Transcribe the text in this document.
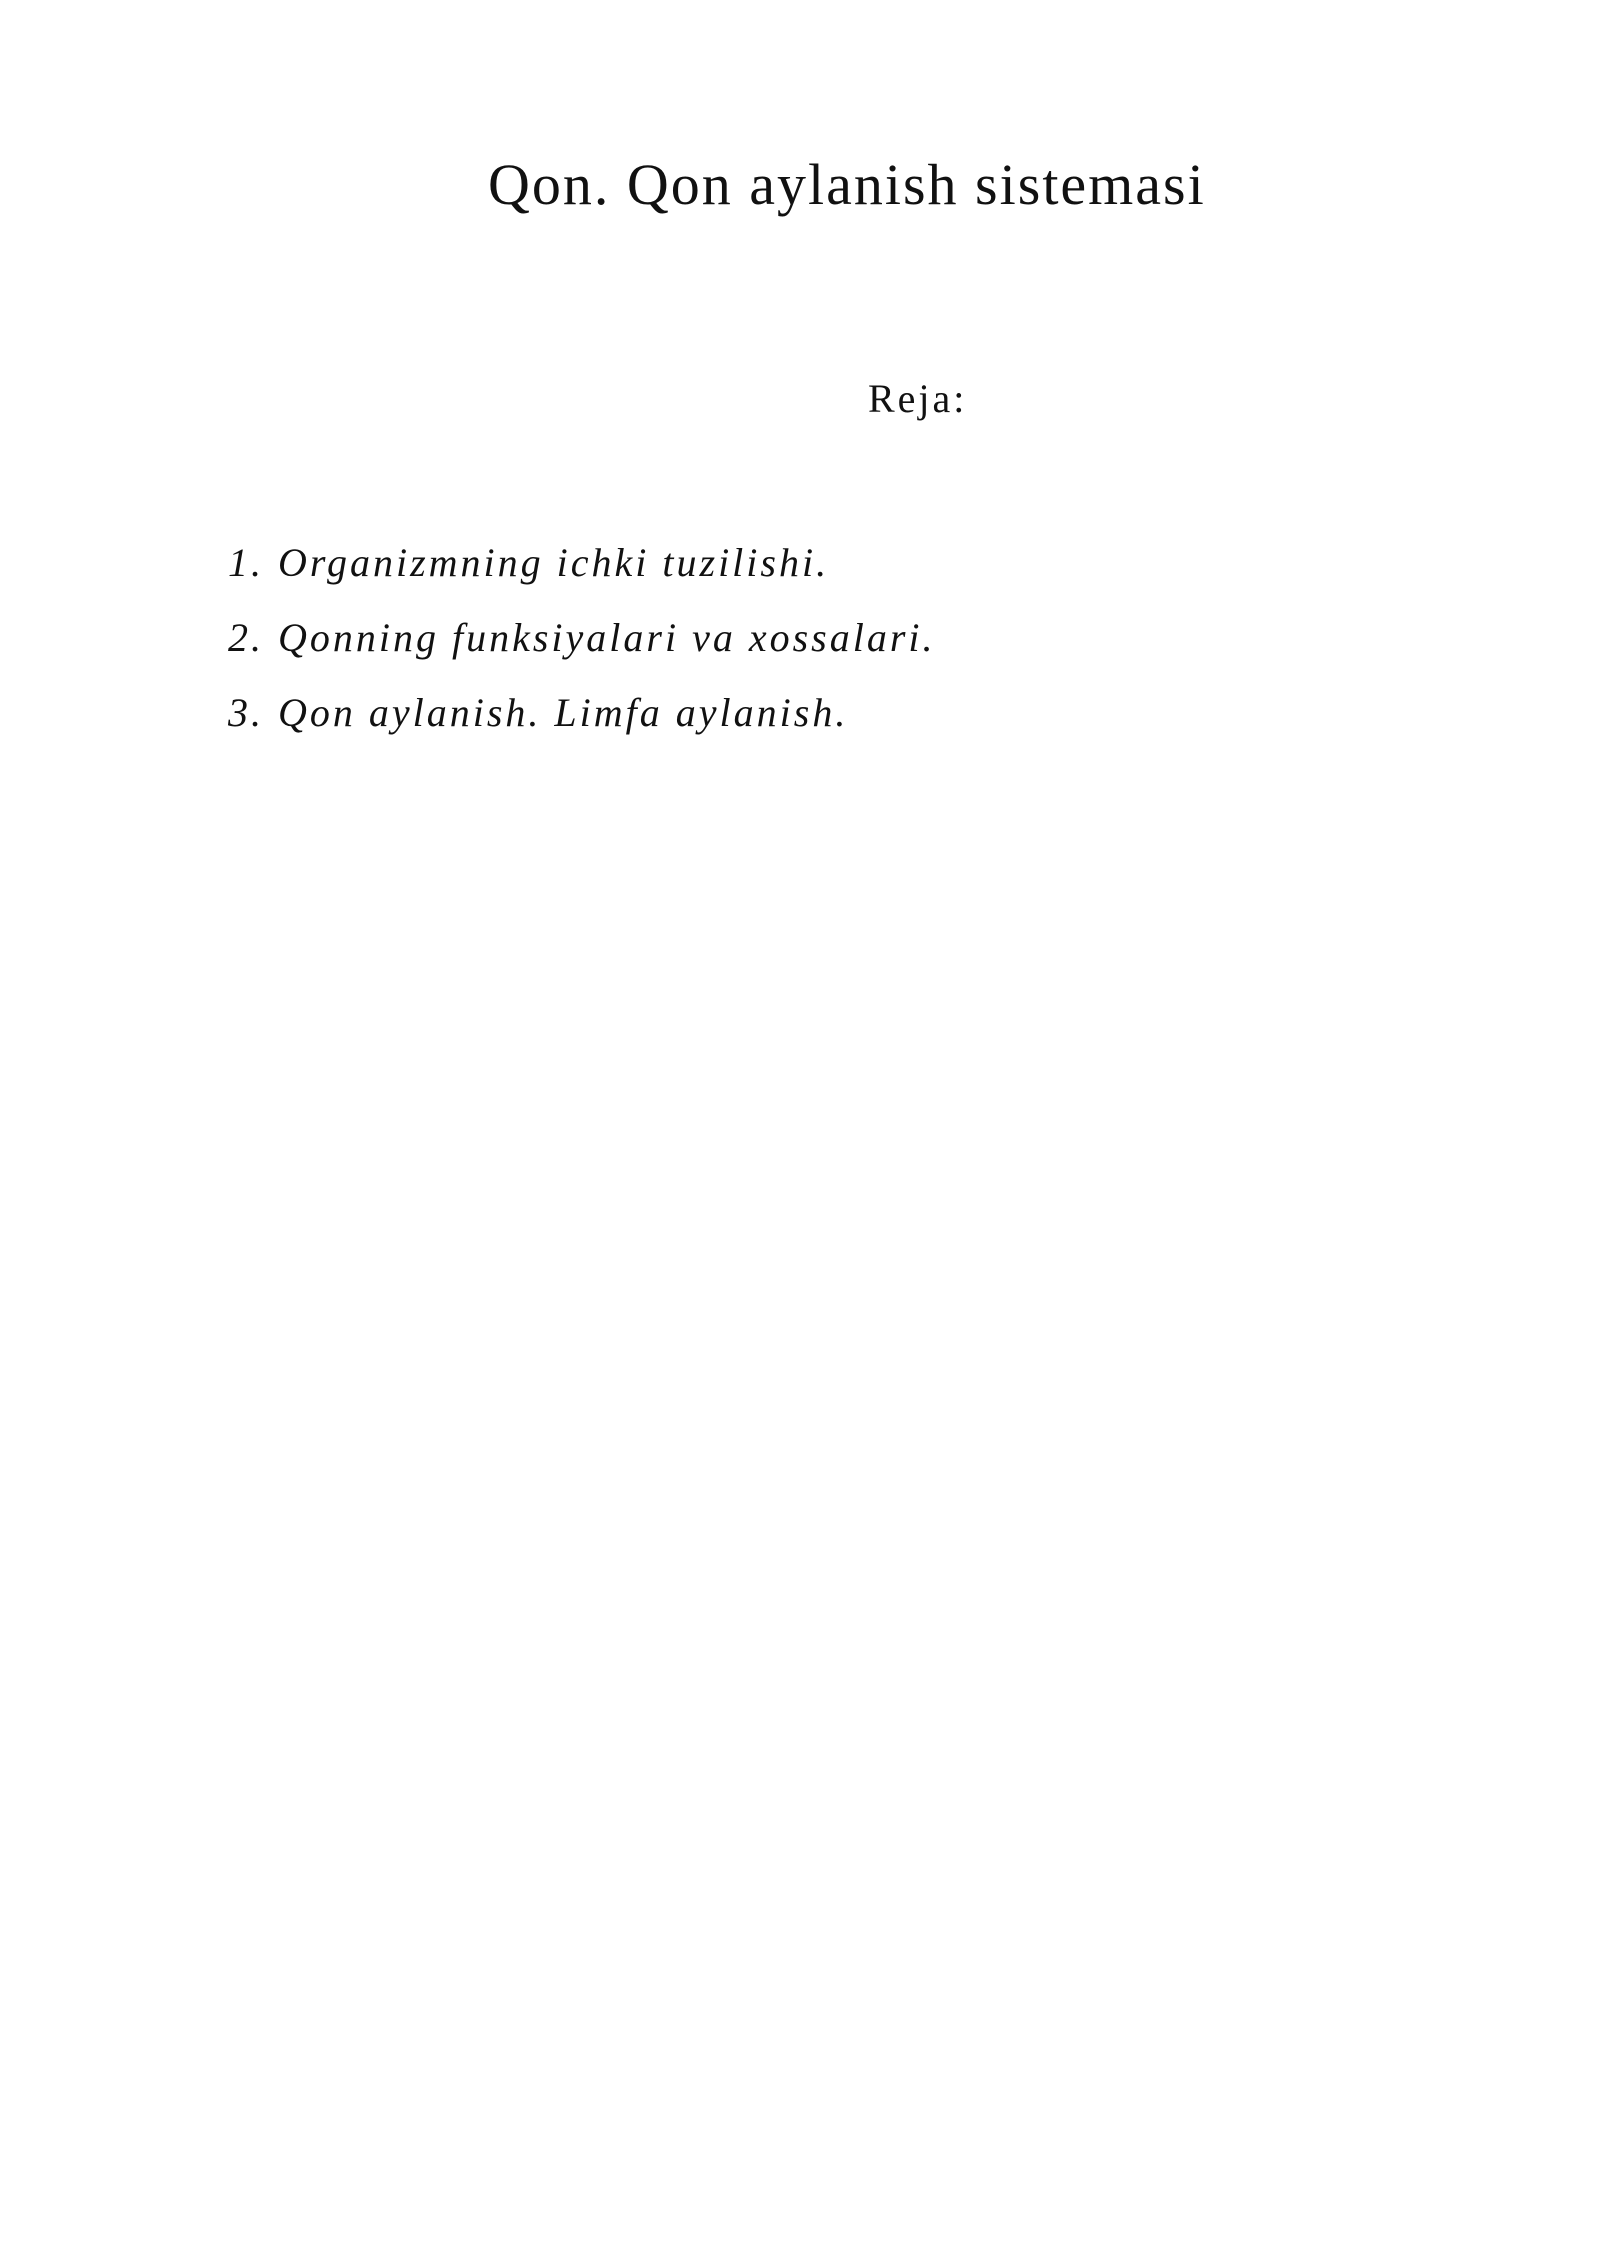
Qon. Qon aylanish sistemasi
Reja:
1. Organizmning ichki tuzilishi.
2. Qonning funksiyalari va xossalari.
3. Qon aylanish. Limfa aylanish.
